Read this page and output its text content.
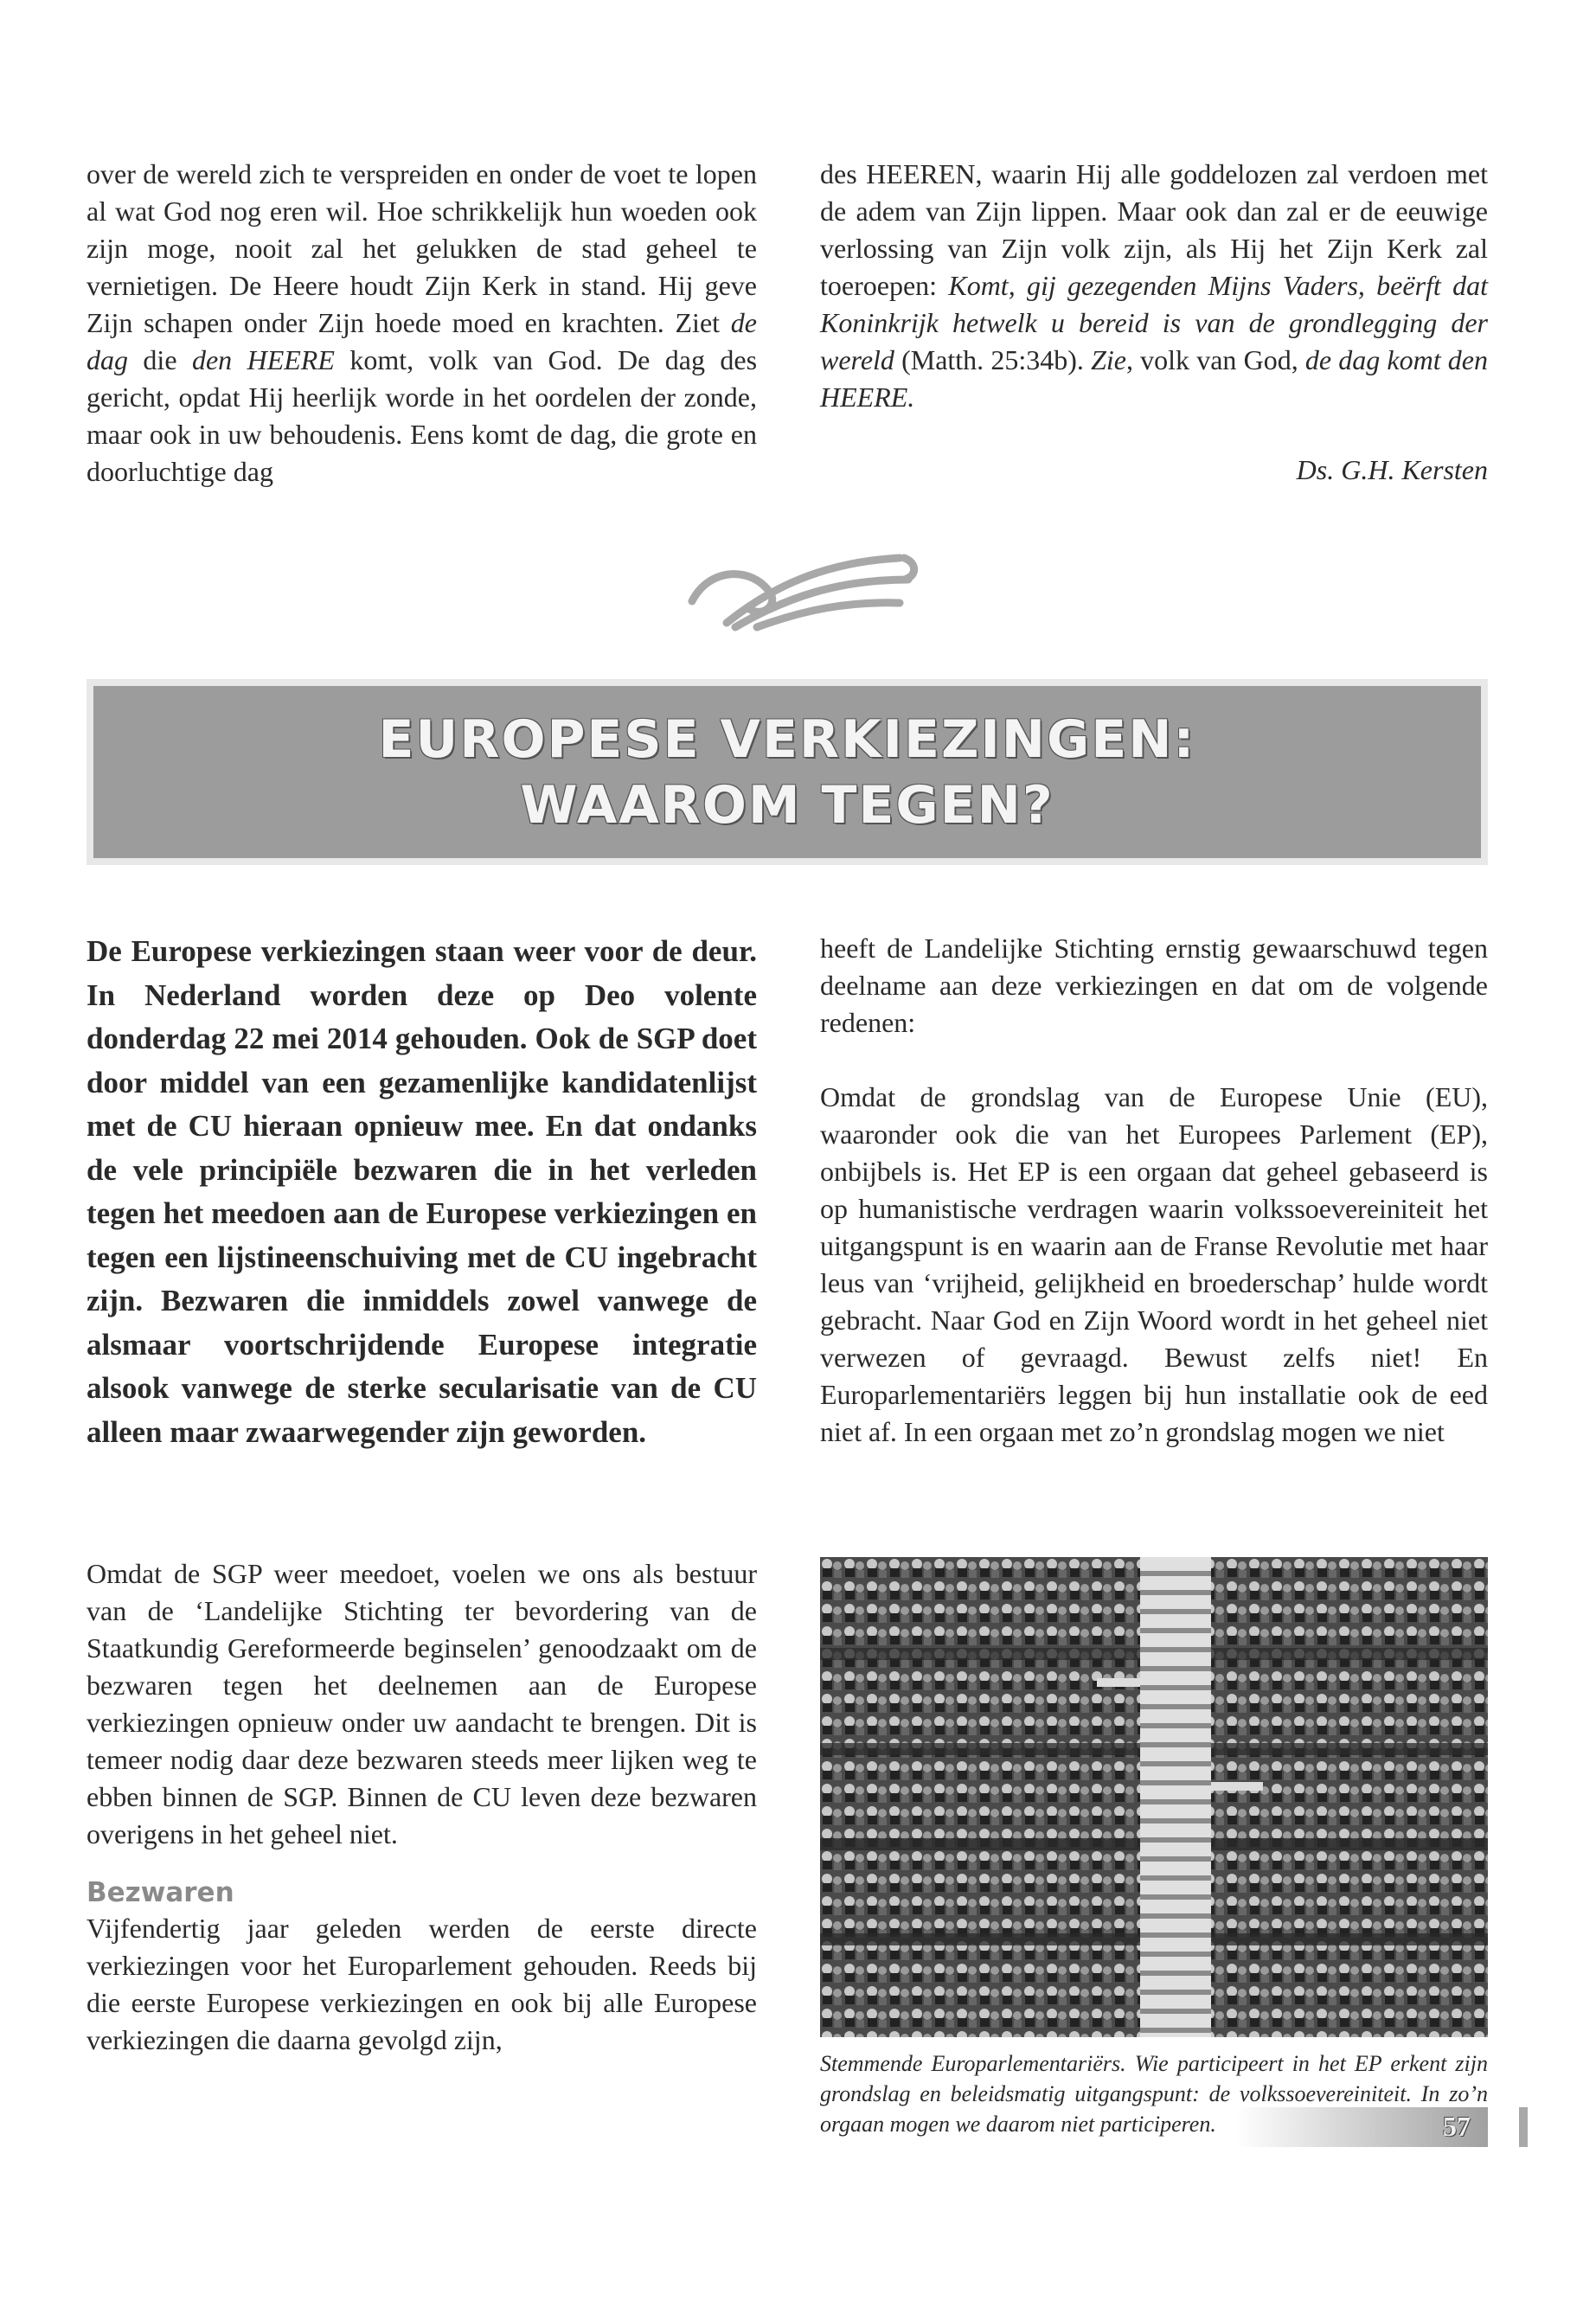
over de wereld zich te verspreiden en onder de voet te lopen al wat God nog eren wil. Hoe schrikkelijk hun woeden ook zijn moge, nooit zal het gelukken de stad geheel te vernietigen. De Heere houdt Zijn Kerk in stand. Hij geve Zijn schapen onder Zijn hoede moed en krachten. Ziet de dag die den HEERE komt, volk van God. De dag des gericht, opdat Hij heerlijk worde in het oordelen der zonde, maar ook in uw behoudenis. Eens komt de dag, die grote en doorluchtige dag

des HEEREN, waarin Hij alle goddelozen zal verdoen met de adem van Zijn lippen. Maar ook dan zal er de eeuwige verlossing van Zijn volk zijn, als Hij het Zijn Kerk zal toeroepen: Komt, gij gezegenden Mijns Vaders, beërft dat Koninkrijk hetwelk u bereid is van de grondlegging der wereld (Matth. 25:34b). Zie, volk van God, de dag komt den HEERE.

Ds. G.H. Kersten
EUROPESE VERKIEZINGEN:
WAAROM TEGEN?

De Europese verkiezingen staan weer voor de deur. In Nederland worden deze op Deo volente donderdag 22 mei 2014 gehouden. Ook de SGP doet door middel van een gezamenlijke kandidatenlijst met de CU hieraan opnieuw mee. En dat ondanks de vele principiële bezwaren die in het verleden tegen het meedoen aan de Europese verkiezingen en tegen een lijstineenschuiving met de CU ingebracht zijn. Bezwaren die inmiddels zowel vanwege de alsmaar voortschrijdende Europese integratie alsook vanwege de sterke secularisatie van de CU alleen maar zwaarwegender zijn geworden.

Omdat de SGP weer meedoet, voelen we ons als bestuur van de ‘Landelijke Stichting ter bevordering van de Staatkundig Gereformeerde beginselen’ genoodzaakt om de bezwaren tegen het deelnemen aan de Europese verkiezingen opnieuw onder uw aandacht te brengen. Dit is temeer nodig daar deze bezwaren steeds meer lijken weg te ebben binnen de SGP. Binnen de CU leven deze bezwaren overigens in het geheel niet.

Bezwaren

Vijfendertig jaar geleden werden de eerste directe verkiezingen voor het Europarlement gehouden. Reeds bij die eerste Europese verkiezingen en ook bij alle Europese verkiezingen die daarna gevolgd zijn,

heeft de Landelijke Stichting ernstig gewaarschuwd tegen deelname aan deze verkiezingen en dat om de volgende redenen:

Omdat de grondslag van de Europese Unie (EU), waaronder ook die van het Europees Parlement (EP), onbijbels is. Het EP is een orgaan dat geheel gebaseerd is op humanistische verdragen waarin volkssoevereiniteit het uitgangspunt is en waarin aan de Franse Revolutie met haar leus van ‘vrijheid, gelijkheid en broederschap’ hulde wordt gebracht. Naar God en Zijn Woord wordt in het geheel niet verwezen of gevraagd. Bewust zelfs niet! En Europarlementariërs leggen bij hun installatie ook de eed niet af. In een orgaan met zo’n grondslag mogen we niet

Stemmende Europarlementariërs. Wie participeert in het EP erkent zijn grondslag en beleidsmatig uitgangspunt: de volkssoevereiniteit. In zo’n orgaan mogen we daarom niet participeren.	57
